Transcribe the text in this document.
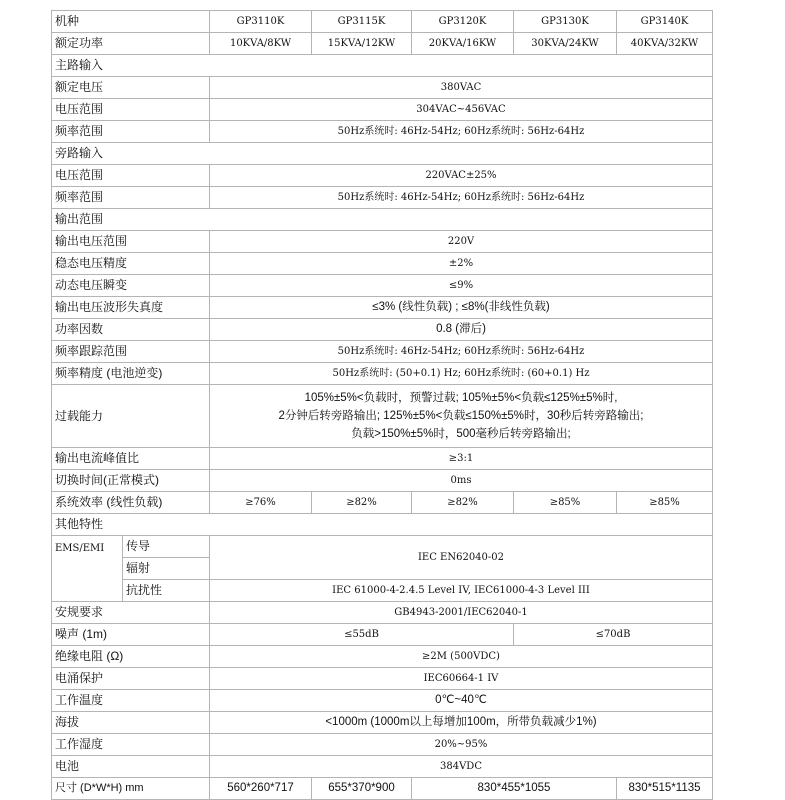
机种		GP3110K	GP3115K	GP3120K	GP3130K	GP3140K
额定功率		10KVA/8KW	15KVA/12KW	20KVA/16KW	30KVA/24KW	40KVA/32KW
主路输入						
额定电压		380VAC				
电压范围		304VAC~456VAC				
频率范围		50Hz系统时: 46Hz-54Hz; 60Hz系统时: 56Hz-64Hz				
旁路输入						
电压范围		220VAC±25%				
频率范围		50Hz系统时: 46Hz-54Hz; 60Hz系统时: 56Hz-64Hz				
输出范围						
输出电压范围		220V				
稳态电压精度		±2%				
动态电压瞬变		≤9%				
输出电压波形失真度		≤3% (线性负载) ; ≤8%(非线性负载)				
功率因数		0.8 (滞后)				
频率跟踪范围		50Hz系统时: 46Hz-54Hz; 60Hz系统时: 56Hz-64Hz				
频率精度 (电池逆变)		50Hz系统时: (50+0.1) Hz; 60Hz系统时: (60+0.1) Hz				
过载能力		105%±5%<负载时，预警过载; 105%±5%<负载≤125%±5%时,
2分钟后转旁路输出; 125%±5%<负载≤150%±5%时，30秒后转旁路输出;
负载>150%±5%时，500毫秒后转旁路输出;				

输出电流峰值比		≥3:1				
切换时间(正常模式)		0ms				
系统效率 (线性负载)		≥76%	≥82%	≥82%	≥85%	≥85%
其他特性						
EMS/EMI	传导	IEC EN62040-02				
	辐射					
	抗扰性	IEC 61000-4-2.4.5 Level IV, IEC61000-4-3 Level III				
安规要求		GB4943-2001/IEC62040-1				
噪声 (1m)		≤55dB			≤70dB	
绝缘电阻 (Ω)		≥2M (500VDC)				
电涌保护		IEC60664-1 IV				
工作温度		0℃~40℃				
海拔		<1000m (1000m以上每增加100m，所带负载减少1%)				
工作湿度		20%~95%				
电池		384VDC				
尺寸 (D*W*H) mm		560*260*717	655*370*900	830*455*1055		830*515*1135
